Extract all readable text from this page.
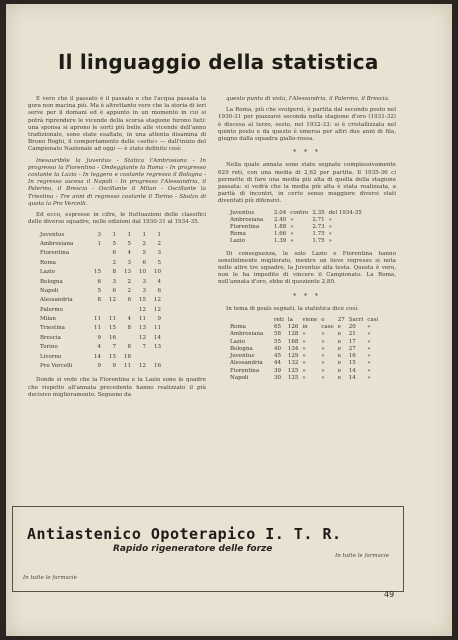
Il linguaggio della statistica

E vero che il passato è il passato e che l'acqua passata la gora non macina più. Ma è altrettanto vero che la storia di ieri serve per il domani ed è appunto in un momento in cui si potrà riprendere le vicende della scorsa stagione furono lieti: una sponsa si aprono le sorti più belle alle vicende dell'anno tradizionale, sono state esaltate, in una attenta disamina di Bruno Roghi, il comportamento delle «sette» — dall'inizio del Campionato Nazionale ad oggi — è stato definito così:

Inesauribile la Juventus - Statica l'Ambrosiana - In progresso la Fiorentina - Ondeggiante la Roma - In progresso costante la Lazio - In leggero e costante regresso il Bologna - In regresso ascesa il Napoli - In progresso l'Alessandria, il Palermo, il Brescia - Oscillante il Milan - Oscillante la Triestina - Tre anni di regresso costante il Torino - Sbalzo di quota la Pro Vercelli.

Ed ecco, espresse in cifre, le fluttuazioni delle classifici delle diverse squadre, nelle edizioni dal 1930-31 al 1934-35.

Juventus	3	1	1	1	1
Ambrosiana	1	5	5	2	2
Fiorentina		6	4	5	3
Roma		2	3	6	5
Lazio	15	8	13	10	10
Bologna	6	3	2	3	4
Napoli	5	6	2	3	6
Alessandria	8	12	6	15	12
Palermo				12	12
Milan	11	11	4	11	9
Triestina	11	15	8	13	11
Brescia	9	16		12	14
Torino	4	7	8	7	13
Livorno	14	15	18		
Pro Vercelli	9	9	11	12	16

Donde si vede che la Fiorentina e la Lazio sono le quadre che rispetto all'annata precedente hanno realizzato il più decisivo miglioramento. Seguono da

questo punto di vista, l'Alessandria, il Palermo, il Brescia.

La Roma, più che svolgersi, è partita dal secondo posto nel 1930-31 per piazzarsi seconda nella stagione d'oro (1931-32) è discesa al terzo, sesto, nel 1932-33: si è cristallizzata nel quinto posto e da questo è emersa per altri due anni di fila, giugno dalla squadra giallo-rossa.

* * *

Nella quale annata sono state segnate complessivamente 629 reti, con una media di 2,62 per partita. Il 1935-36 ci permette di fare una media più alta di quella della stagione passata: si vedrà che la media più alta è stata realizzata, a parità di incontri, in certo senso maggiore diversi stati diventati più difensivi.

Juventus	2.04	contro	2.35	del 1934-35
Ambrosiana	2.40	»	2.71	»
Fiorentina	1.88	»	2.73	»
Roma	1.66	»	1.75	»
Lazio	1.39	»	1.75	»

Di conseguenza, le solo Lazio e Fiorentina hanno sensibilmente migliorato, mentre un lieve regresso si nota nelle altre tre squadre, la Juventus alla testa. Questa è vero, non le ha impedito di vincere il Campionato. La Roma, nell'annata d'oro, ebbe di quoziente 2,80.

* * *

In tema di goals segnati, la statistica dice così:

	reti	la	viene	e	27	Sacri	casi
Roma	65	126	in	case	e	20	»
Ambrosiana	58	128	»	»	e	21	»
Lazio	55	168	»	»	e	17	»
Bologna	40	134	»	»	e	27	»
Juventus	45	129	»	»	e	16	»
Alessandria	44	132	»	»	e	15	»
Fiorentina	39	125	»	»	e	14	»
Napoli	30	125	»	»	e	14	»
Antiastenico Opoterapico I. T. R.
Rapido rigeneratore delle forze
In tutte le farmacie
In tutte le farmacie
49
